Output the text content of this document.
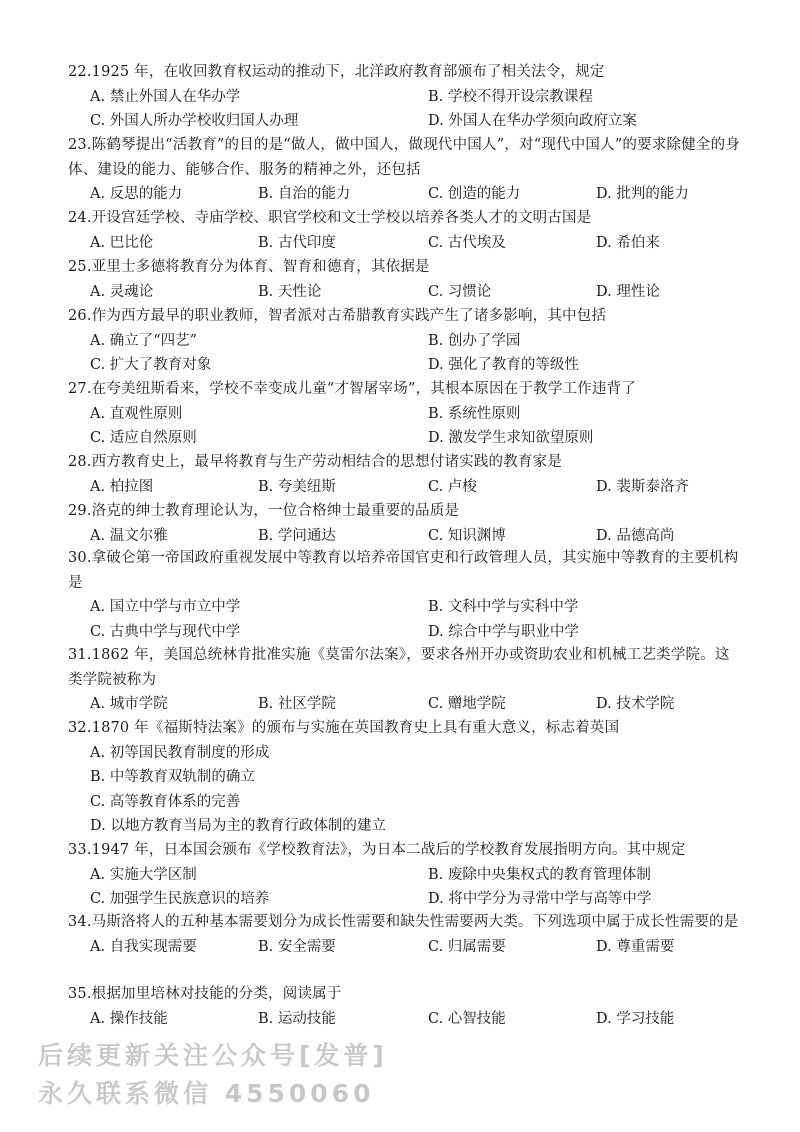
22.1925 年，在收回教育权运动的推动下，北洋政府教育部颁布了相关法令，规定
A. 禁止外国人在华办学	B. 学校不得开设宗教课程
C. 外国人所办学校收归国人办理	D. 外国人在华办学须向政府立案
23.陈鹤琴提出“活教育”的目的是“做人，做中国人，做现代中国人”，对“现代中国人”的要求除健全的身体、建设的能力、能够合作、服务的精神之外，还包括
A. 反思的能力	B. 自治的能力	C. 创造的能力	D. 批判的能力
24.开设宫廷学校、寺庙学校、职官学校和文士学校以培养各类人才的文明古国是
A. 巴比伦	B. 古代印度	C. 古代埃及	D. 希伯来
25.亚里士多德将教育分为体育、智育和德育，其依据是
A. 灵魂论	B. 天性论	C. 习惯论	D. 理性论
26.作为西方最早的职业教师，智者派对古希腊教育实践产生了诸多影响，其中包括
A. 确立了“四艺”	B. 创办了学园
C. 扩大了教育对象	D. 强化了教育的等级性
27.在夸美纽斯看来，学校不幸变成儿童“才智屠宰场”，其根本原因在于教学工作违背了
A. 直观性原则	B. 系统性原则
C. 适应自然原则	D. 激发学生求知欲望原则
28.西方教育史上，最早将教育与生产劳动相结合的思想付诸实践的教育家是
A. 柏拉图	B. 夸美纽斯	C. 卢梭	D. 裴斯泰洛齐
29.洛克的绅士教育理论认为，一位合格绅士最重要的品质是
A. 温文尔雅	B. 学问通达	C. 知识渊博	D. 品德高尚
30.拿破仑第一帝国政府重视发展中等教育以培养帝国官吏和行政管理人员，其实施中等教育的主要机构是
A. 国立中学与市立中学	B. 文科中学与实科中学
C. 古典中学与现代中学	D. 综合中学与职业中学
31.1862 年，美国总统林肯批准实施《莫雷尔法案》，要求各州开办或资助农业和机械工艺类学院。这类学院被称为
A. 城市学院	B. 社区学院	C. 赠地学院	D. 技术学院
32.1870 年《福斯特法案》的颁布与实施在英国教育史上具有重大意义，标志着英国
A. 初等国民教育制度的形成
B. 中等教育双轨制的确立
C. 高等教育体系的完善
D. 以地方教育当局为主的教育行政体制的建立
33.1947 年，日本国会颁布《学校教育法》，为日本二战后的学校教育发展指明方向。其中规定
A. 实施大学区制	B. 废除中央集权式的教育管理体制
C. 加强学生民族意识的培养	D. 将中学分为寻常中学与高等中学
34.马斯洛将人的五种基本需要划分为成长性需要和缺失性需要两大类。下列选项中属于成长性需要的是
A. 自我实现需要	B. 安全需要	C. 归属需要	D. 尊重需要
35.根据加里培林对技能的分类，阅读属于
A. 操作技能	B. 运动技能	C. 心智技能	D. 学习技能
后续更新关注公众号[发普]
永久联系微信 4550060
